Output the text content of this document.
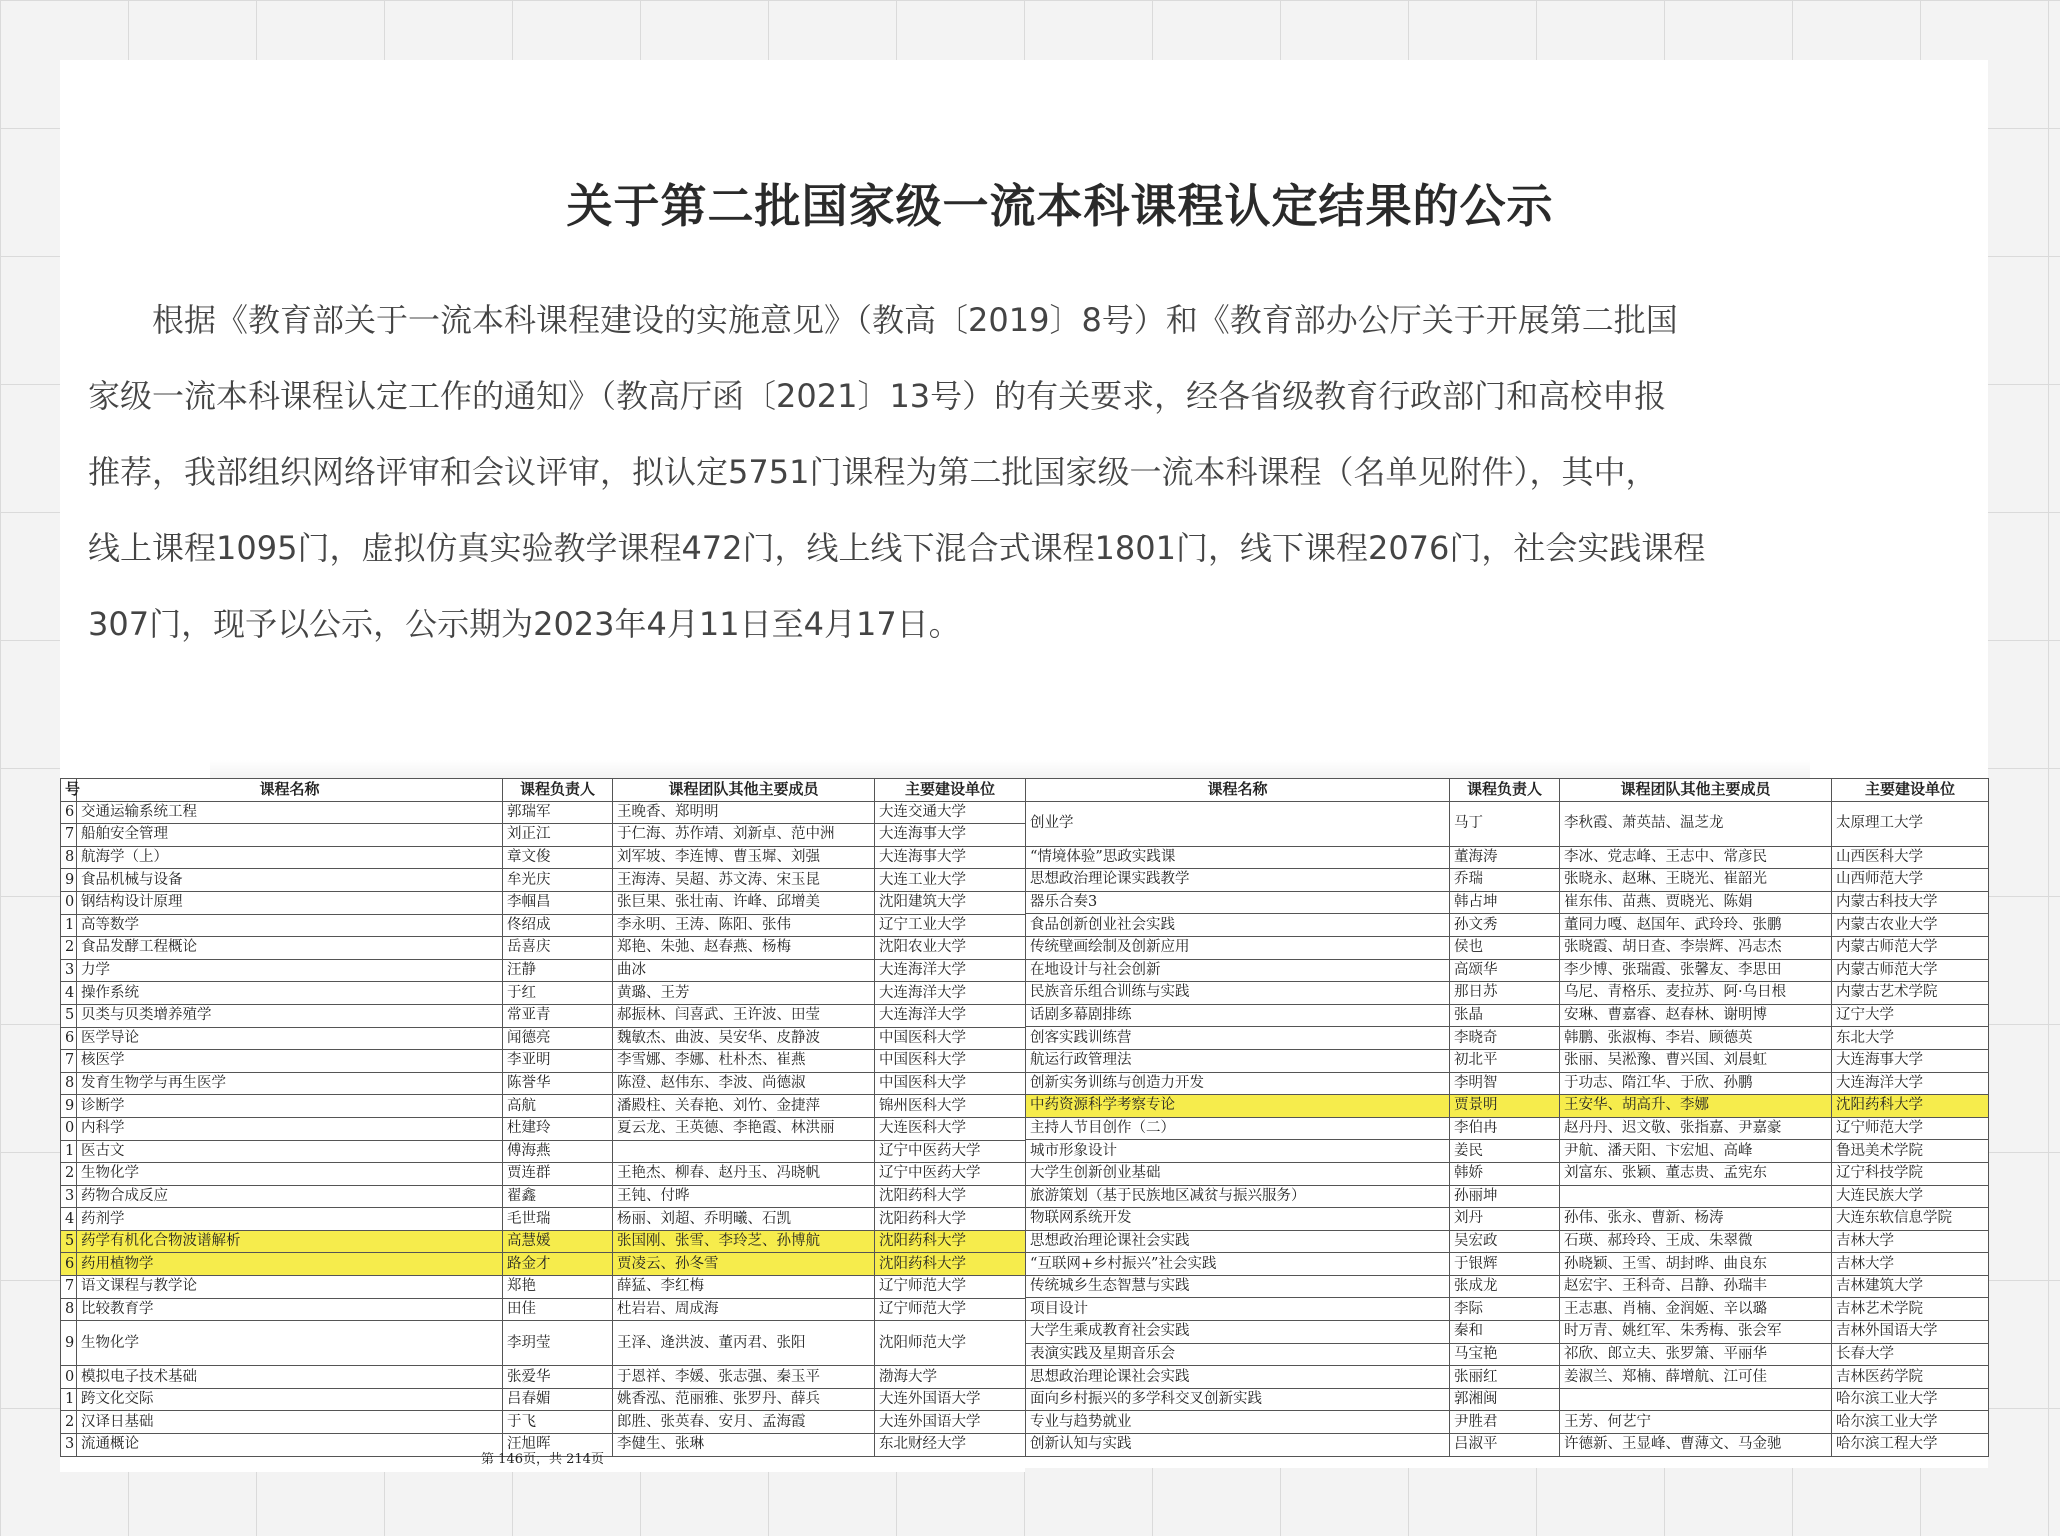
关于第二批国家级一流本科课程认定结果的公示
根据《教育部关于一流本科课程建设的实施意见》（教高〔2019〕8号）和《教育部办公厅关于开展第二批国
家级一流本科课程认定工作的通知》（教高厅函〔2021〕13号）的有关要求，经各省级教育行政部门和高校申报
推荐，我部组织网络评审和会议评审，拟认定5751门课程为第二批国家级一流本科课程（名单见附件），其中，
线上课程1095门，虚拟仿真实验教学课程472门，线上线下混合式课程1801门，线下课程2076门，社会实践课程
307门，现予以公示，公示期为2023年4月11日至4月17日。
号	课程名称	课程负责人	课程团队其他主要成员	主要建设单位
6	交通运输系统工程	郭瑞军	王晚香、郑明明	大连交通大学
7	船舶安全管理	刘正江	于仁海、苏作靖、刘新卓、范中洲	大连海事大学
8	航海学（上）	章文俊	刘军坡、李连博、曹玉墀、刘强	大连海事大学
9	食品机械与设备	牟光庆	王海涛、吴超、苏文涛、宋玉昆	大连工业大学
0	钢结构设计原理	李帼昌	张巨果、张壮南、许峰、邱增美	沈阳建筑大学
1	高等数学	佟绍成	李永明、王涛、陈阳、张伟	辽宁工业大学
2	食品发酵工程概论	岳喜庆	郑艳、朱弛、赵春燕、杨梅	沈阳农业大学
3	力学	汪静	曲冰	大连海洋大学
4	操作系统	于红	黄璐、王芳	大连海洋大学
5	贝类与贝类增养殖学	常亚青	郝振林、闫喜武、王许波、田莹	大连海洋大学
6	医学导论	闻德亮	魏敏杰、曲波、吴安华、皮静波	中国医科大学
7	核医学	李亚明	李雪娜、李娜、杜朴杰、崔燕	中国医科大学
8	发育生物学与再生医学	陈誉华	陈澄、赵伟东、李波、尚德淑	中国医科大学
9	诊断学	高航	潘殿柱、关春艳、刘竹、金捷萍	锦州医科大学
0	内科学	杜建玲	夏云龙、王英德、李艳霞、林洪丽	大连医科大学
1	医古文	傅海燕		辽宁中医药大学
2	生物化学	贾连群	王艳杰、柳春、赵丹玉、冯晓帆	辽宁中医药大学
3	药物合成反应	翟鑫	王钝、付晔	沈阳药科大学
4	药剂学	毛世瑞	杨丽、刘超、乔明曦、石凯	沈阳药科大学
5	药学有机化合物波谱解析	高慧媛	张国刚、张雪、李玲芝、孙博航	沈阳药科大学
6	药用植物学	路金才	贾凌云、孙冬雪	沈阳药科大学
7	语文课程与教学论	郑艳	薛猛、李红梅	辽宁师范大学
8	比较教育学	田佳	杜岩岩、周成海	辽宁师范大学
9	生物化学	李玥莹	王泽、逄洪波、董丙君、张阳	沈阳师范大学
0	模拟电子技术基础	张爱华	于恩祥、李媛、张志强、秦玉平	渤海大学
1	跨文化交际	吕春媚	姚香泓、范丽雅、张罗丹、薛兵	大连外国语大学
2	汉译日基础	于飞	郎胜、张英春、安月、孟海霞	大连外国语大学
3	流通概论	汪旭晖	李健生、张琳	东北财经大学
第 146页，共 214页
课程名称	课程负责人	课程团队其他主要成员	主要建设单位
创业学	马丁	李秋霞、萧英喆、温芝龙	太原理工大学
“情境体验”思政实践课	董海涛	李冰、党志峰、王志中、常彦民	山西医科大学
思想政治理论课实践教学	乔瑞	张晓永、赵琳、王晓光、崔韶光	山西师范大学
器乐合奏3	韩占坤	崔东伟、苗燕、贾晓光、陈娟	内蒙古科技大学
食品创新创业社会实践	孙文秀	董同力嘎、赵国年、武玲玲、张鹏	内蒙古农业大学
传统壁画绘制及创新应用	侯也	张晓霞、胡日查、李崇辉、冯志杰	内蒙古师范大学
在地设计与社会创新	高颂华	李少博、张瑞霞、张馨友、李思田	内蒙古师范大学
民族音乐组合训练与实践	那日苏	乌尼、青格乐、麦拉苏、阿·乌日根	内蒙古艺术学院
话剧多幕剧排练	张晶	安琳、曹嘉睿、赵春林、谢明博	辽宁大学
创客实践训练营	李晓奇	韩鹏、张淑梅、李岩、顾德英	东北大学
航运行政管理法	初北平	张丽、吴淞豫、曹兴国、刘晨虹	大连海事大学
创新实务训练与创造力开发	李明智	于功志、隋江华、于欣、孙鹏	大连海洋大学
中药资源科学考察专论	贾景明	王安华、胡高升、李娜	沈阳药科大学
主持人节目创作（二）	李伯冉	赵丹丹、迟文敬、张指嘉、尹嘉豪	辽宁师范大学
城市形象设计	姜民	尹航、潘天阳、卞宏旭、高峰	鲁迅美术学院
大学生创新创业基础	韩娇	刘富东、张颖、董志贵、孟宪东	辽宁科技学院
旅游策划（基于民族地区减贫与振兴服务）	孙丽坤		大连民族大学
物联网系统开发	刘丹	孙伟、张永、曹新、杨涛	大连东软信息学院
思想政治理论课社会实践	吴宏政	石瑛、郝玲玲、王成、朱翠微	吉林大学
“互联网+乡村振兴”社会实践	于银辉	孙晓颖、王雪、胡封晔、曲良东	吉林大学
传统城乡生态智慧与实践	张成龙	赵宏宇、王科奇、吕静、孙瑞丰	吉林建筑大学
项目设计	李际	王志惠、肖楠、金润姬、辛以璐	吉林艺术学院
大学生乘成教育社会实践	秦和	时万青、姚红军、朱秀梅、张会军	吉林外国语大学
表演实践及星期音乐会	马宝艳	祁欣、郎立夫、张罗箫、平丽华	长春大学
思想政治理论课社会实践	张丽红	姜淑兰、郑楠、薛增航、江可佳	吉林医药学院
面向乡村振兴的多学科交叉创新实践	郭湘闽		哈尔滨工业大学
专业与趋势就业	尹胜君	王芳、何艺宁	哈尔滨工业大学
创新认知与实践	吕淑平	许德新、王显峰、曹薄文、马金驰	哈尔滨工程大学
